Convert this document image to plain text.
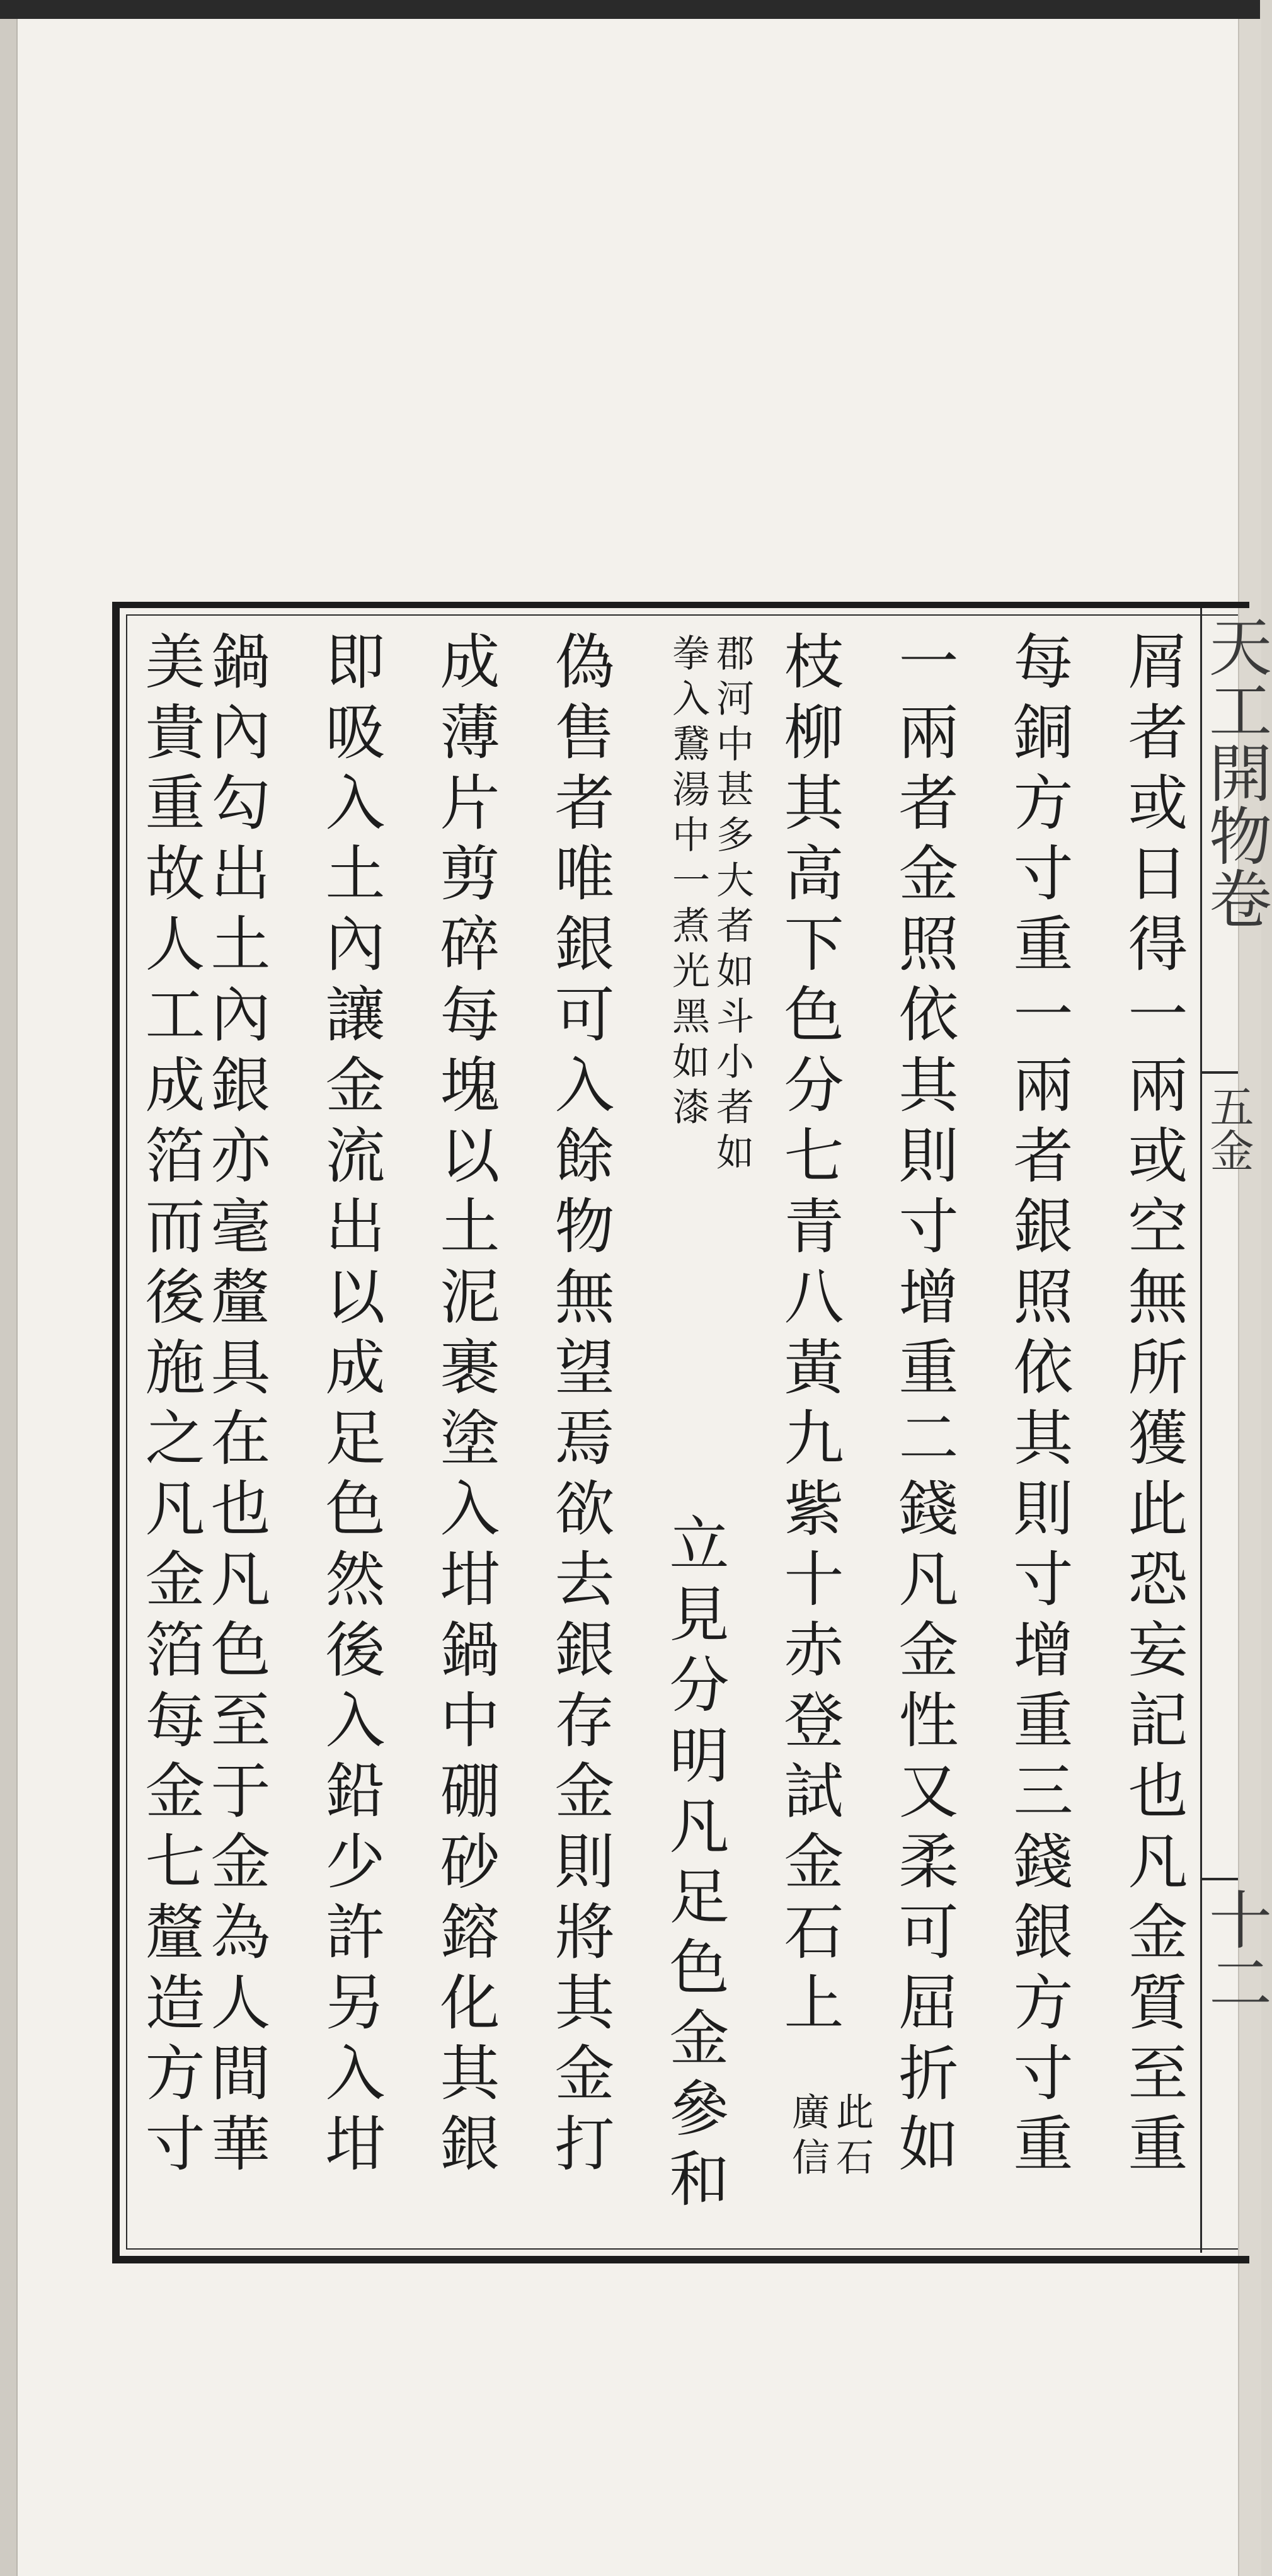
天工開物卷
五金
十二
屑者或日得一兩或空無所獲此恐妄記也凡金質至重
每銅方寸重一兩者銀照依其則寸增重三錢銀方寸重
一兩者金照依其則寸增重二錢凡金性又柔可屈折如
枝柳其高下色分七青八黃九紫十赤登試金石上
此石
廣信
郡河中甚多大者如斗小者如
拳入鵞湯中一煮光黑如漆
立見分明凡足色金參和
偽售者唯銀可入餘物無望焉欲去銀存金則將其金打
成薄片剪碎每塊以土泥裹塗入坩鍋中硼砂鎔化其銀
即吸入土內讓金流出以成足色然後入鉛少許另入坩
鍋內勾出土內銀亦毫釐具在也凡色至于金為人間華
美貴重故人工成箔而後施之凡金箔每金七釐造方寸
